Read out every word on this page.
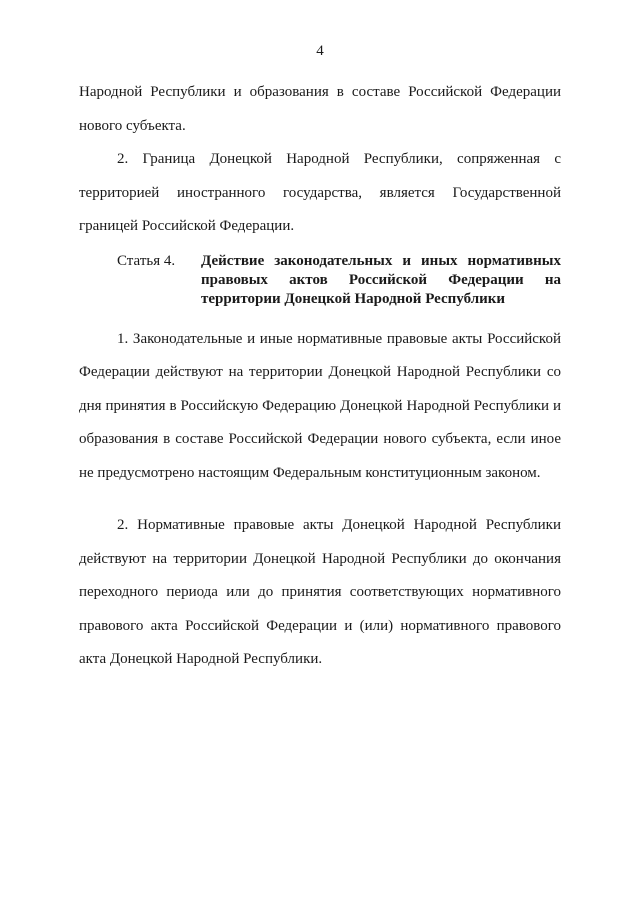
4

Народной Республики и образования в составе Российской Федерации нового субъекта.

2. Граница Донецкой Народной Республики, сопряженная с территорией иностранного государства, является Государственной границей Российской Федерации.

Статья 4.	Действие законодательных и иных нормативных правовых актов Российской Федерации на территории Донецкой Народной Республики

1. Законодательные и иные нормативные правовые акты Российской Федерации действуют на территории Донецкой Народной Республики со дня принятия в Российскую Федерацию Донецкой Народной Республики и образования в составе Российской Федерации нового субъекта, если иное не предусмотрено настоящим Федеральным конституционным законом.

2. Нормативные правовые акты Донецкой Народной Республики действуют на территории Донецкой Народной Республики до окончания переходного периода или до принятия соответствующих нормативного правового акта Российской Федерации и (или) нормативного правового акта Донецкой Народной Республики.
